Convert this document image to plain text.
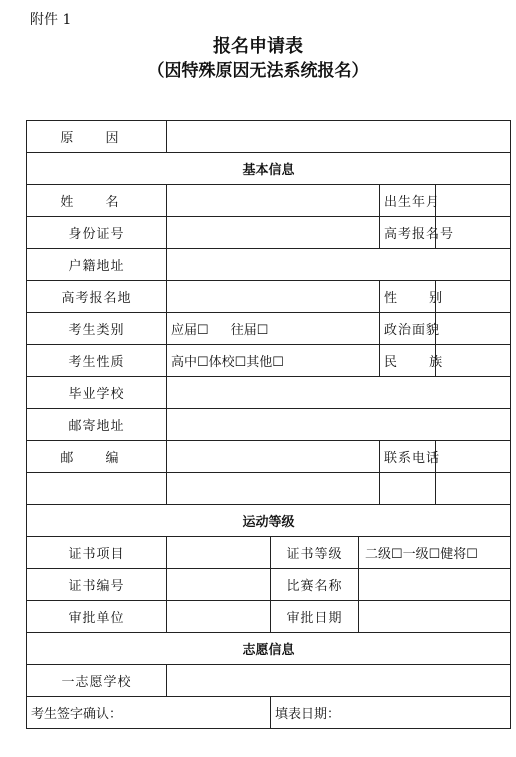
附件 1
报名申请表
（因特殊原因无法系统报名）
原 因					
基本信息					
姓 名				出生年月	
身份证号				高考报名号	
户籍地址					
高考报名地				性 别	
考生类别	应届☐ 往届☐			政治面貌	
考生性质	高中☐体校☐其他☐			民 族	
毕业学校					
邮寄地址					
邮 编				联系电话	

运动等级					
证书项目		证书等级	二级☐一级☐健将☐		
证书编号		比赛名称			
审批单位		审批日期			
志愿信息					
一志愿学校					
考生签字确认：		填表日期：			
